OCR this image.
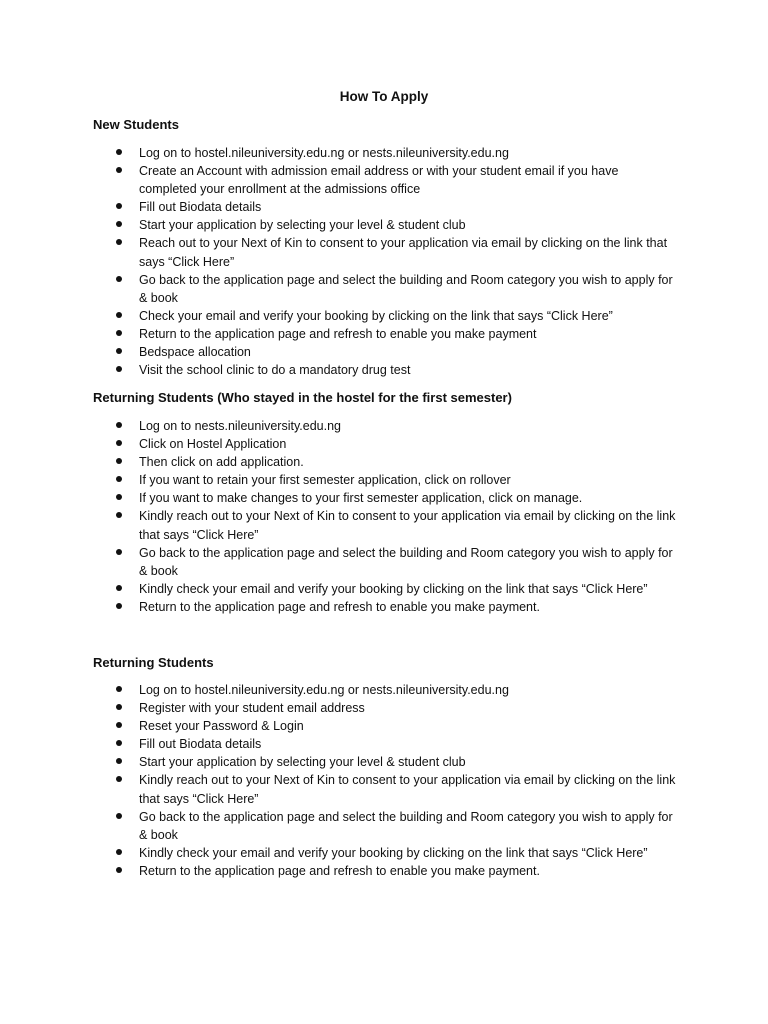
How To Apply
New Students
Log on to hostel.nileuniversity.edu.ng or nests.nileuniversity.edu.ng
Create an Account with admission email address or with your student email if you have completed your enrollment at the admissions office
Fill out Biodata details
Start your application by selecting your level & student club
Reach out to your Next of Kin to consent to your application via email by clicking on the link that says “Click Here”
Go back to the application page and select the building and Room category you wish to apply for & book
Check your email and verify your booking by clicking on the link that says “Click Here”
Return to the application page and refresh to enable you make payment
Bedspace allocation
Visit the school clinic to do a mandatory drug test
Returning Students (Who stayed in the hostel for the first semester)
Log on to nests.nileuniversity.edu.ng
Click on Hostel Application
Then click on add application.
If you want to retain your first semester application, click on rollover
If you want to make changes to your first semester application, click on manage.
Kindly reach out to your Next of Kin to consent to your application via email by clicking on the link that says “Click Here”
Go back to the application page and select the building and Room category you wish to apply for & book
Kindly check your email and verify your booking by clicking on the link that says “Click Here”
Return to the application page and refresh to enable you make payment.
Returning Students
Log on to hostel.nileuniversity.edu.ng or nests.nileuniversity.edu.ng
Register with your student email address
Reset your Password & Login
Fill out Biodata details
Start your application by selecting your level & student club
Kindly reach out to your Next of Kin to consent to your application via email by clicking on the link that says “Click Here”
Go back to the application page and select the building and Room category you wish to apply for & book
Kindly check your email and verify your booking by clicking on the link that says “Click Here”
Return to the application page and refresh to enable you make payment.
